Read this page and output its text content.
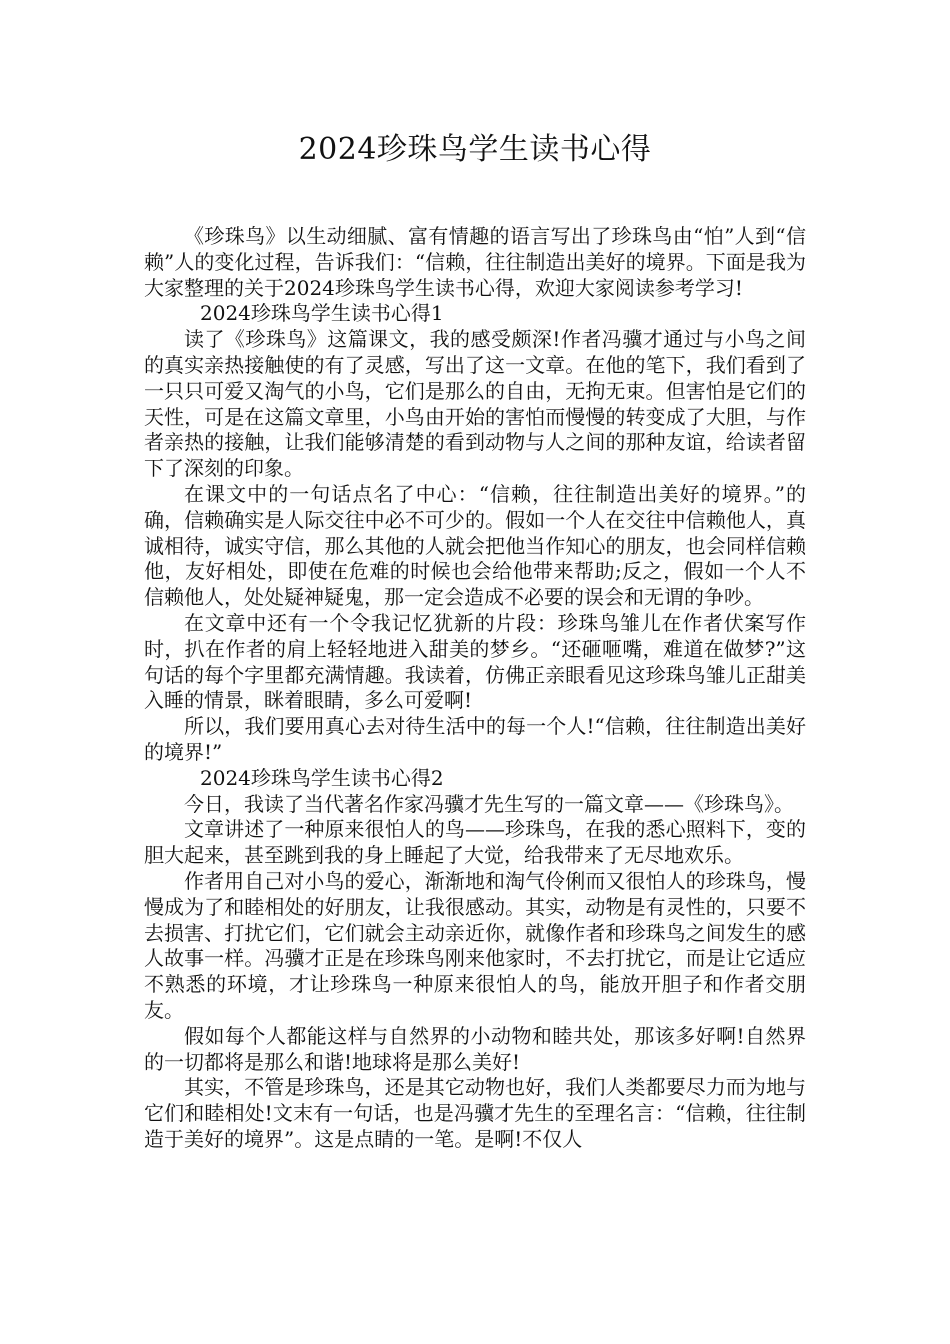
2024珍珠鸟学生读书心得

《珍珠鸟》以生动细腻、富有情趣的语言写出了珍珠鸟由“怕”人到“信赖”人的变化过程，告诉我们：“信赖，往往制造出美好的境界。下面是我为大家整理的关于2024珍珠鸟学生读书心得，欢迎大家阅读参考学习!

2024珍珠鸟学生读书心得1

读了《珍珠鸟》这篇课文，我的感受颇深!作者冯骥才通过与小鸟之间的真实亲热接触使的有了灵感，写出了这一文章。在他的笔下，我们看到了一只只可爱又淘气的小鸟，它们是那么的自由，无拘无束。但害怕是它们的天性，可是在这篇文章里，小鸟由开始的害怕而慢慢的转变成了大胆，与作者亲热的接触，让我们能够清楚的看到动物与人之间的那种友谊，给读者留下了深刻的印象。

在课文中的一句话点名了中心：“信赖，往往制造出美好的境界。”的确，信赖确实是人际交往中必不可少的。假如一个人在交往中信赖他人，真诚相待，诚实守信，那么其他的人就会把他当作知心的朋友，也会同样信赖他，友好相处，即使在危难的时候也会给他带来帮助;反之，假如一个人不信赖他人，处处疑神疑鬼，那一定会造成不必要的误会和无谓的争吵。

在文章中还有一个令我记忆犹新的片段：珍珠鸟雏儿在作者伏案写作时，扒在作者的肩上轻轻地进入甜美的梦乡。“还砸咂嘴，难道在做梦?”这句话的每个字里都充满情趣。我读着，仿佛正亲眼看见这珍珠鸟雏儿正甜美入睡的情景，眯着眼睛，多么可爱啊!

所以，我们要用真心去对待生活中的每一个人!“信赖，往往制造出美好的境界!”

2024珍珠鸟学生读书心得2

今日，我读了当代著名作家冯骥才先生写的一篇文章——《珍珠鸟》。

文章讲述了一种原来很怕人的鸟——珍珠鸟，在我的悉心照料下，变的胆大起来，甚至跳到我的身上睡起了大觉，给我带来了无尽地欢乐。

作者用自己对小鸟的爱心，渐渐地和淘气伶俐而又很怕人的珍珠鸟，慢慢成为了和睦相处的好朋友，让我很感动。其实，动物是有灵性的，只要不去损害、打扰它们，它们就会主动亲近你，就像作者和珍珠鸟之间发生的感人故事一样。冯骥才正是在珍珠鸟刚来他家时，不去打扰它，而是让它适应不熟悉的环境，才让珍珠鸟一种原来很怕人的鸟，能放开胆子和作者交朋友。

假如每个人都能这样与自然界的小动物和睦共处，那该多好啊!自然界的一切都将是那么和谐!地球将是那么美好!

其实，不管是珍珠鸟，还是其它动物也好，我们人类都要尽力而为地与它们和睦相处!文末有一句话，也是冯骥才先生的至理名言：“信赖，往往制造于美好的境界”。这是点睛的一笔。是啊!不仅人
